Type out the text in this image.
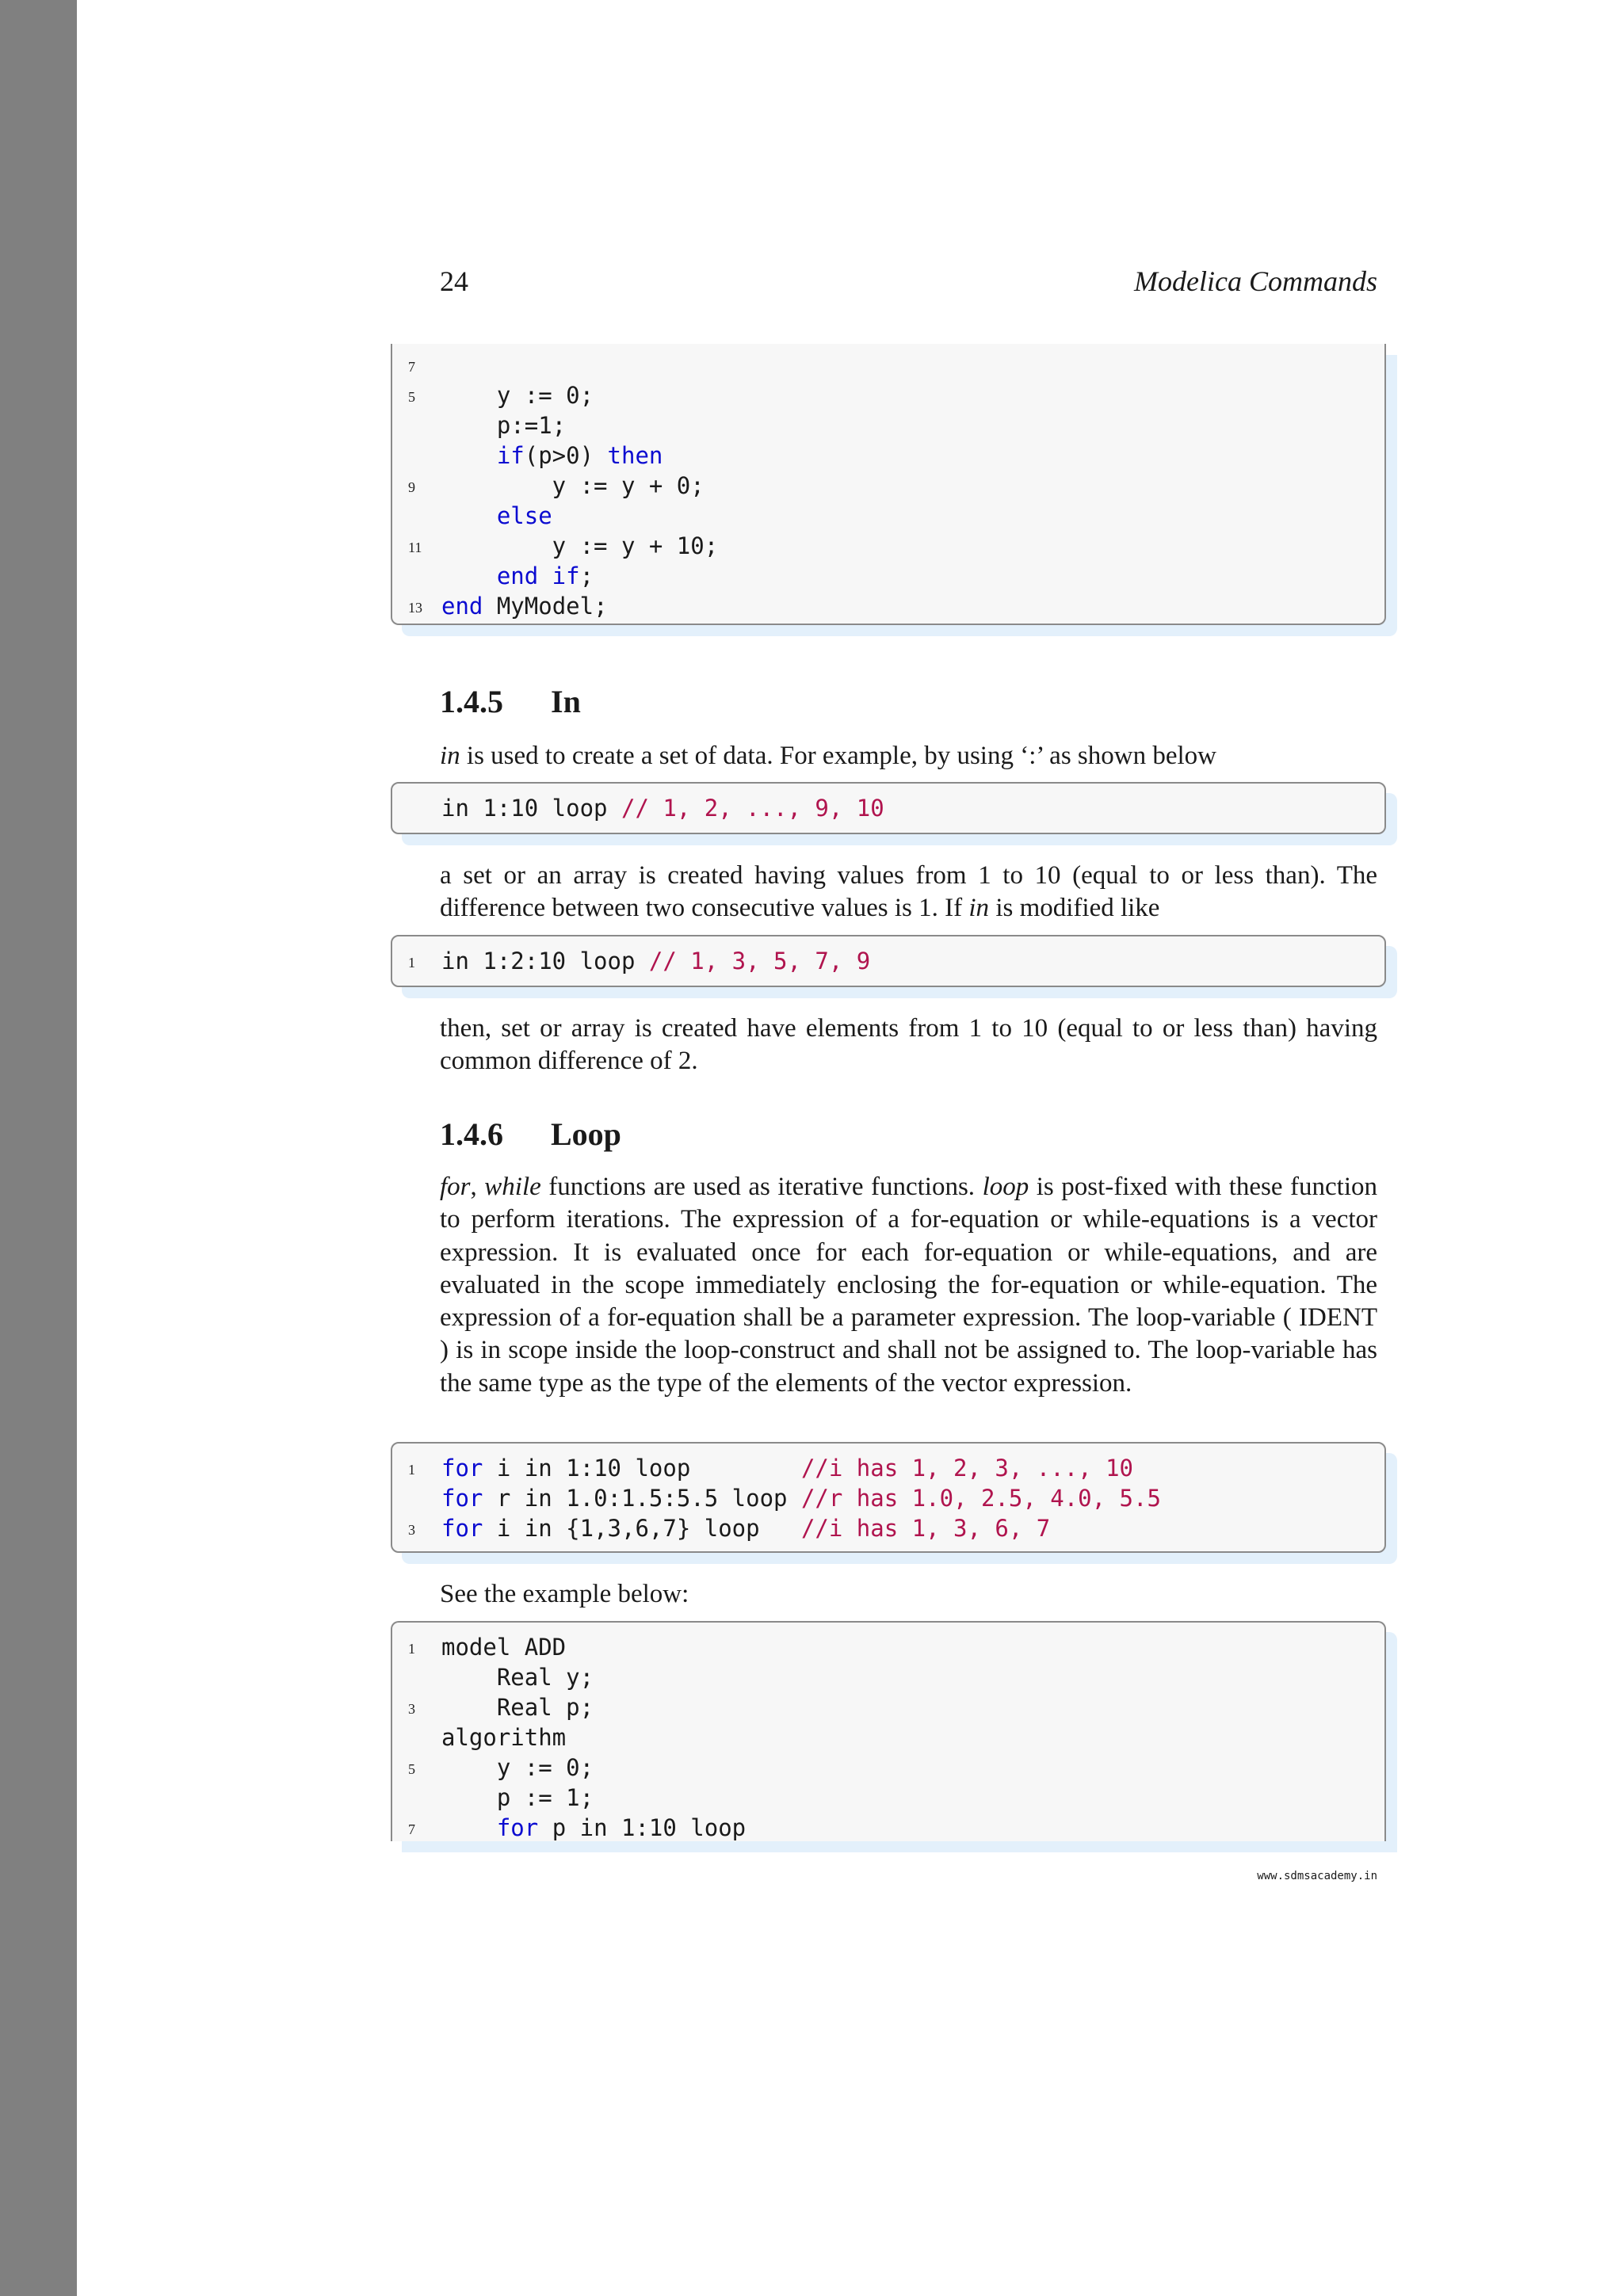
24	Modelica Commands
7
5	y := 0;
p:=1;
if(p>0) then
9	y := y + 0;
else
11 y := y + 10;
end if;
13 end MyModel;
1.4.5 In

in is used to create a set of data. For example, by using ‘:’ as shown below

in 1:10 loop // 1, 2, ..., 9, 10

a set or an array is created having values from 1 to 10 (equal to or less than). The difference between two consecutive values is 1. If in is modified like

1	in 1:2:10 loop // 1, 3, 5, 7, 9

then, set or array is created have elements from 1 to 10 (equal to or less than) having common difference of 2.

1.4.6 Loop

for, while functions are used as iterative functions. loop is post-fixed with these function to perform iterations. The expression of a for-equation or while-equations is a vector expression. It is evaluated once for each for-equation or while-equations, and are evaluated in the scope immediately enclosing the for-equation or while-equation. The expression of a for-equation shall be a parameter expression. The loop-variable ( IDENT ) is in scope inside the loop-construct and shall not be assigned to. The loop-variable has the same type as the type of the elements of the vector expression.

1	for i in 1:10 loop        //i has 1, 2, 3, ..., 10
for r in 1.0:1.5:5.5 loop //r has 1.0, 2.5, 4.0, 5.5
3	for i in {1,3,6,7} loop   //i has 1, 3, 6, 7

See the example below:

1	model ADD
Real y;
3	Real p;
algorithm
5	y := 0;
p := 1;
7	for p in 1:10 loop
www.sdmsacademy.in
